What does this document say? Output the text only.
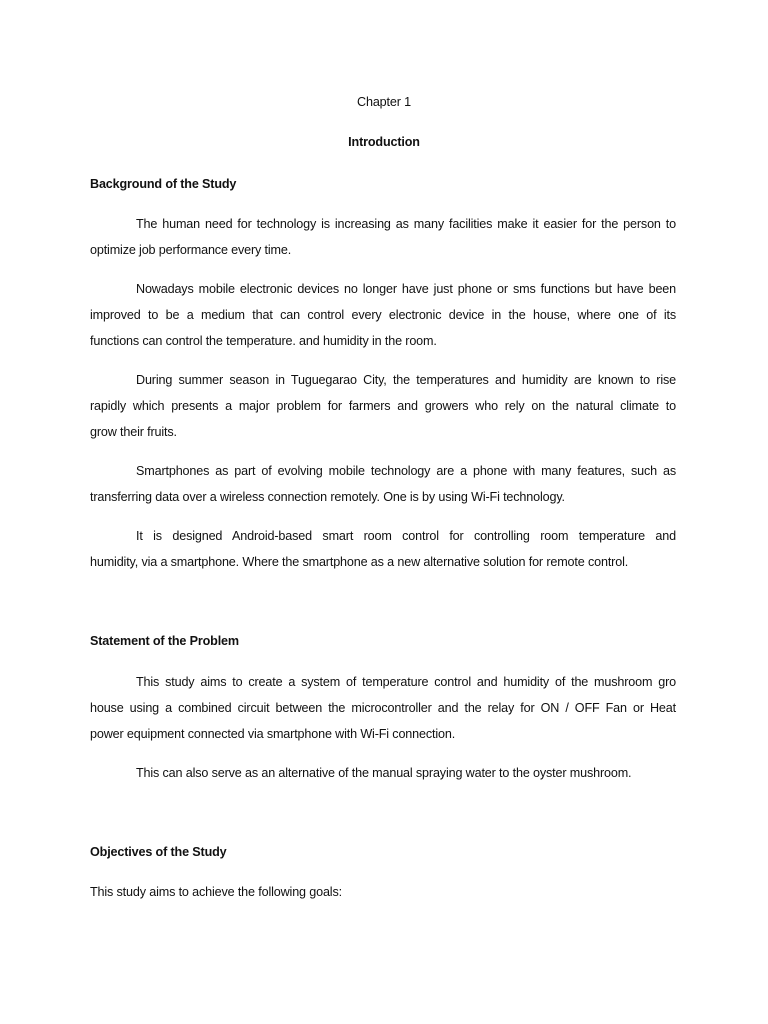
Chapter 1
Introduction
Background of the Study
The human need for technology is increasing as many facilities make it easier for the person to
optimize job performance every time.
Nowadays mobile electronic devices no longer have just phone or sms functions but have been
improved to be a medium that can control every electronic device in the house, where one of its
functions can control the temperature. and humidity in the room.
During summer season in Tuguegarao City, the temperatures and humidity are known to rise
rapidly which presents a major problem for farmers and growers who rely on the natural climate to
grow their fruits.
Smartphones as part of evolving mobile technology are a phone with many features, such as
transferring data over a wireless connection remotely. One is by using Wi-Fi technology.
It is designed Android-based smart room control for controlling room temperature and
humidity, via a smartphone. Where the smartphone as a new alternative solution for remote control.
Statement of the Problem
This study aims to create a system of temperature control and humidity of the mushroom gro
house using a combined circuit between the microcontroller and the relay for ON / OFF Fan or Heat
power equipment connected via smartphone with Wi-Fi connection.
This can also serve as an alternative of the manual spraying water to the oyster mushroom.
Objectives of the Study
This study aims to achieve the following goals:
